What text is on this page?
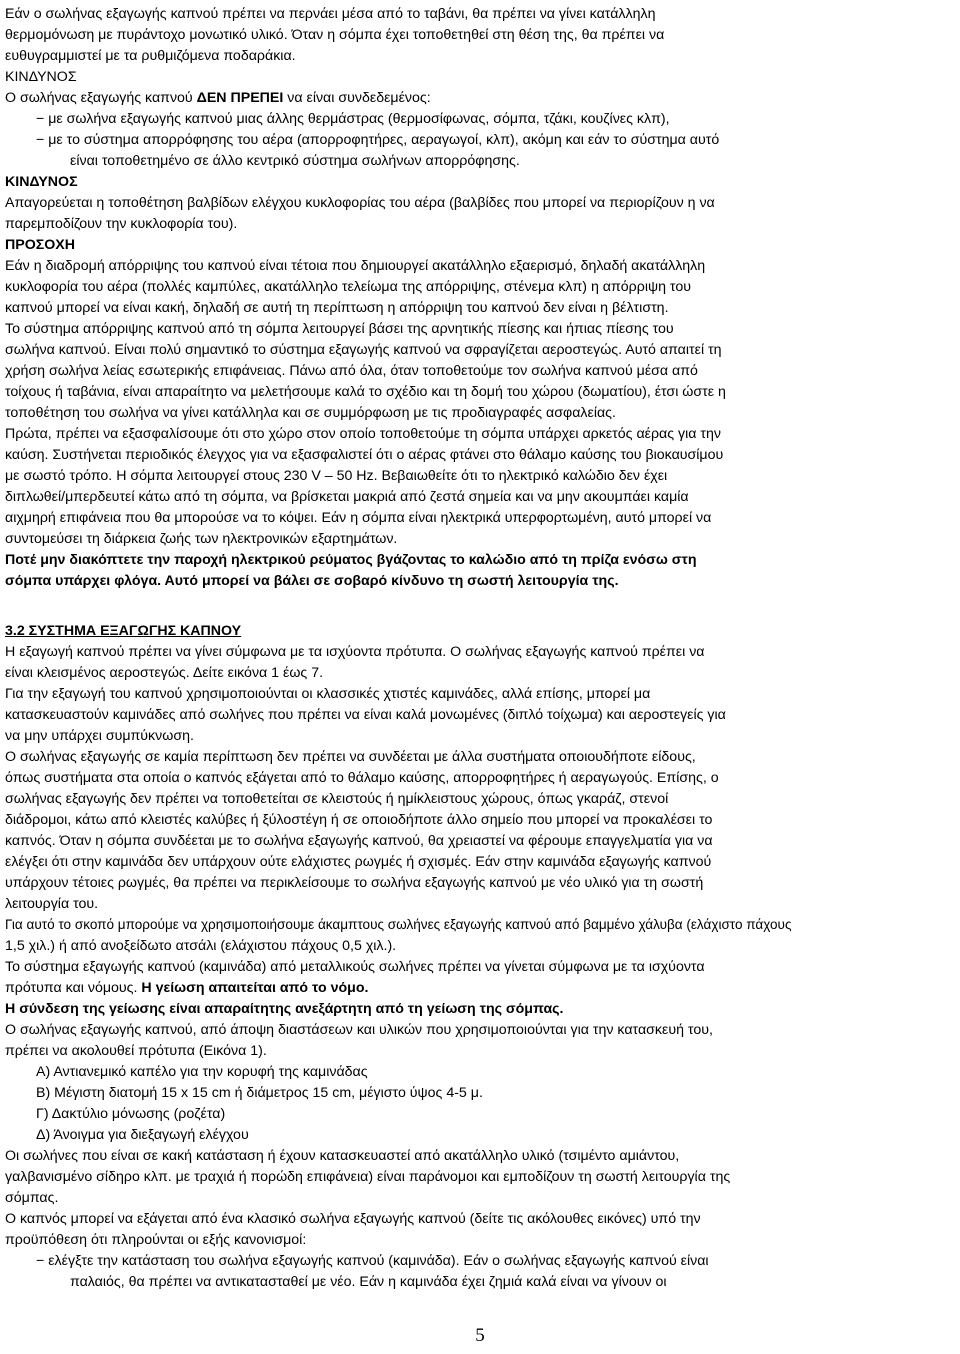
Εάν ο σωλήνας εξαγωγής καπνού πρέπει να περνάει μέσα από το ταβάνι, θα πρέπει να γίνει κατάλληλη
θερμομόνωση με πυράντοχο μονωτικό υλικό. Όταν η σόμπα έχει τοποθετηθεί στη θέση της, θα πρέπει να
ευθυγραμμιστεί με τα ρυθμιζόμενα ποδαράκια.
ΚΙΝΔΥΝΟΣ
Ο σωλήνας εξαγωγής καπνού ΔΕΝ ΠΡΕΠΕΙ να είναι συνδεδεμένος:
− με σωλήνα εξαγωγής καπνού μιας άλλης θερμάστρας (θερμοσίφωνας, σόμπα, τζάκι, κουζίνες κλπ),
− με το σύστημα απορρόφησης του αέρα (απορροφητήρες, αεραγωγοί, κλπ), ακόμη και εάν το σύστημα αυτό
είναι τοποθετημένο σε άλλο κεντρικό σύστημα σωλήνων απορρόφησης.
ΚΙΝΔΥΝΟΣ
Απαγορεύεται η τοποθέτηση βαλβίδων ελέγχου κυκλοφορίας του αέρα (βαλβίδες που μπορεί να περιορίζουν η να
παρεμποδίζουν την κυκλοφορία του).
ΠΡΟΣΟΧΗ
Εάν η διαδρομή απόρριψης του καπνού είναι τέτοια που δημιουργεί ακατάλληλο εξαερισμό, δηλαδή ακατάλληλη
κυκλοφορία του αέρα (πολλές καμπύλες, ακατάλληλο τελείωμα της απόρριψης, στένεμα κλπ) η απόρριψη του
καπνού μπορεί να είναι κακή, δηλαδή σε αυτή τη περίπτωση η απόρριψη του καπνού δεν είναι η βέλτιστη.
Το σύστημα απόρριψης καπνού από τη σόμπα λειτουργεί βάσει της αρνητικής πίεσης και ήπιας πίεσης του
σωλήνα καπνού. Είναι πολύ σημαντικό το σύστημα εξαγωγής καπνού να σφραγίζεται αεροστεγώς. Αυτό απαιτεί τη
χρήση σωλήνα λείας εσωτερικής επιφάνειας. Πάνω από όλα, όταν τοποθετούμε τον σωλήνα καπνού μέσα από
τοίχους ή ταβάνια, είναι απαραίτητο να μελετήσουμε καλά το σχέδιο και τη δομή του χώρου (δωματίου), έτσι ώστε η
τοποθέτηση του σωλήνα να γίνει κατάλληλα και σε συμμόρφωση με τις προδιαγραφές ασφαλείας.
Πρώτα, πρέπει να εξασφαλίσουμε ότι στο χώρο στον οποίο τοποθετούμε τη σόμπα υπάρχει αρκετός αέρας για την
καύση. Συστήνεται περιοδικός έλεγχος για να εξασφαλιστεί ότι ο αέρας φτάνει στο θάλαμο καύσης του βιοκαυσίμου
με σωστό τρόπο. Η σόμπα λειτουργεί στους 230 V – 50 Hz. Βεβαιωθείτε ότι το ηλεκτρικό καλώδιο δεν έχει
διπλωθεί/μπερδευτεί κάτω από τη σόμπα, να βρίσκεται μακριά από ζεστά σημεία και να μην ακουμπάει καμία
αιχμηρή επιφάνεια που θα μπορούσε να το κόψει. Εάν η σόμπα είναι ηλεκτρικά υπερφορτωμένη, αυτό μπορεί να
συντομεύσει τη διάρκεια ζωής των ηλεκτρονικών εξαρτημάτων.
Ποτέ μην διακόπτετε την παροχή ηλεκτρικού ρεύματος βγάζοντας το καλώδιο από τη πρίζα ενόσω στη
σόμπα υπάρχει φλόγα. Αυτό μπορεί να βάλει σε σοβαρό κίνδυνο τη σωστή λειτουργία της.
3.2 ΣΥΣΤΗΜΑ ΕΞΑΓΩΓΗΣ ΚΑΠΝΟΥ
Η εξαγωγή καπνού πρέπει να γίνει σύμφωνα με τα ισχύοντα πρότυπα. Ο σωλήνας εξαγωγής καπνού πρέπει να
είναι κλεισμένος αεροστεγώς. Δείτε εικόνα 1 έως 7.
Για την εξαγωγή του καπνού χρησιμοποιούνται οι κλασσικές χτιστές καμινάδες, αλλά επίσης, μπορεί μα
κατασκευαστούν καμινάδες από σωλήνες που πρέπει να είναι καλά μονωμένες (διπλό τοίχωμα) και αεροστεγείς για
να μην υπάρχει συμπύκνωση.
Ο σωλήνας εξαγωγής σε καμία περίπτωση δεν πρέπει να συνδέεται με άλλα συστήματα οποιουδήποτε είδους,
όπως συστήματα στα οποία ο καπνός εξάγεται από το θάλαμο καύσης, απορροφητήρες ή αεραγωγούς. Επίσης, ο
σωλήνας εξαγωγής δεν πρέπει να τοποθετείται σε κλειστούς ή ημίκλειστους χώρους, όπως γκαράζ, στενοί
διάδρομοι, κάτω από κλειστές καλύβες ή ξύλοστέγη ή σε οποιοδήποτε άλλο σημείο που μπορεί να προκαλέσει το
καπνός. Όταν η σόμπα συνδέεται με το σωλήνα εξαγωγής καπνού, θα χρειαστεί να φέρουμε επαγγελματία για να
ελέγξει ότι στην καμινάδα δεν υπάρχουν ούτε ελάχιστες ρωγμές ή σχισμές. Εάν στην καμινάδα εξαγωγής καπνού
υπάρχουν τέτοιες ρωγμές, θα πρέπει να περικλείσουμε το σωλήνα εξαγωγής καπνού με νέο υλικό για τη σωστή
λειτουργία του.
Για αυτό το σκοπό μπορούμε να χρησιμοποιήσουμε άκαμπτους σωλήνες εξαγωγής καπνού από βαμμένο χάλυβα (ελάχιστο πάχους
1,5 χιλ.) ή από ανοξείδωτο ατσάλι (ελάχιστου πάχους 0,5 χιλ.).
Το σύστημα εξαγωγής καπνού (καμινάδα) από μεταλλικούς σωλήνες πρέπει να γίνεται σύμφωνα με τα ισχύοντα
πρότυπα και νόμους. Η γείωση απαιτείται από το νόμο.
Η σύνδεση της γείωσης είναι απαραίτητης ανεξάρτητη από τη γείωση της σόμπας.
Ο σωλήνας εξαγωγής καπνού, από άποψη διαστάσεων και υλικών που χρησιμοποιούνται για την κατασκευή του,
πρέπει να ακολουθεί πρότυπα (Εικόνα 1).
Α) Αντιανεμικό καπέλο για την κορυφή της καμινάδας
Β) Μέγιστη διατομή 15 x 15 cm ή διάμετρος 15 cm, μέγιστο ύψος 4-5 μ.
Γ) Δακτύλιο μόνωσης (ροζέτα)
Δ) Άνοιγμα για διεξαγωγή ελέγχου
Οι σωλήνες που είναι σε κακή κατάσταση ή έχουν κατασκευαστεί από ακατάλληλο υλικό (τσιμέντο αμιάντου,
γαλβανισμένο σίδηρο κλπ. με τραχιά ή πορώδη επιφάνεια) είναι παράνομοι και εμποδίζουν τη σωστή λειτουργία της
σόμπας.
Ο καπνός μπορεί να εξάγεται από ένα κλασικό σωλήνα εξαγωγής καπνού (δείτε τις ακόλουθες εικόνες) υπό την
προϋπόθεση ότι πληρούνται οι εξής κανονισμοί:
− ελέγξτε την κατάσταση του σωλήνα εξαγωγής καπνού (καμινάδα). Εάν ο σωλήνας εξαγωγής καπνού είναι
παλαιός, θα πρέπει να αντικατασταθεί με νέο. Εάν η καμινάδα έχει ζημιά καλά είναι να γίνουν οι
5
